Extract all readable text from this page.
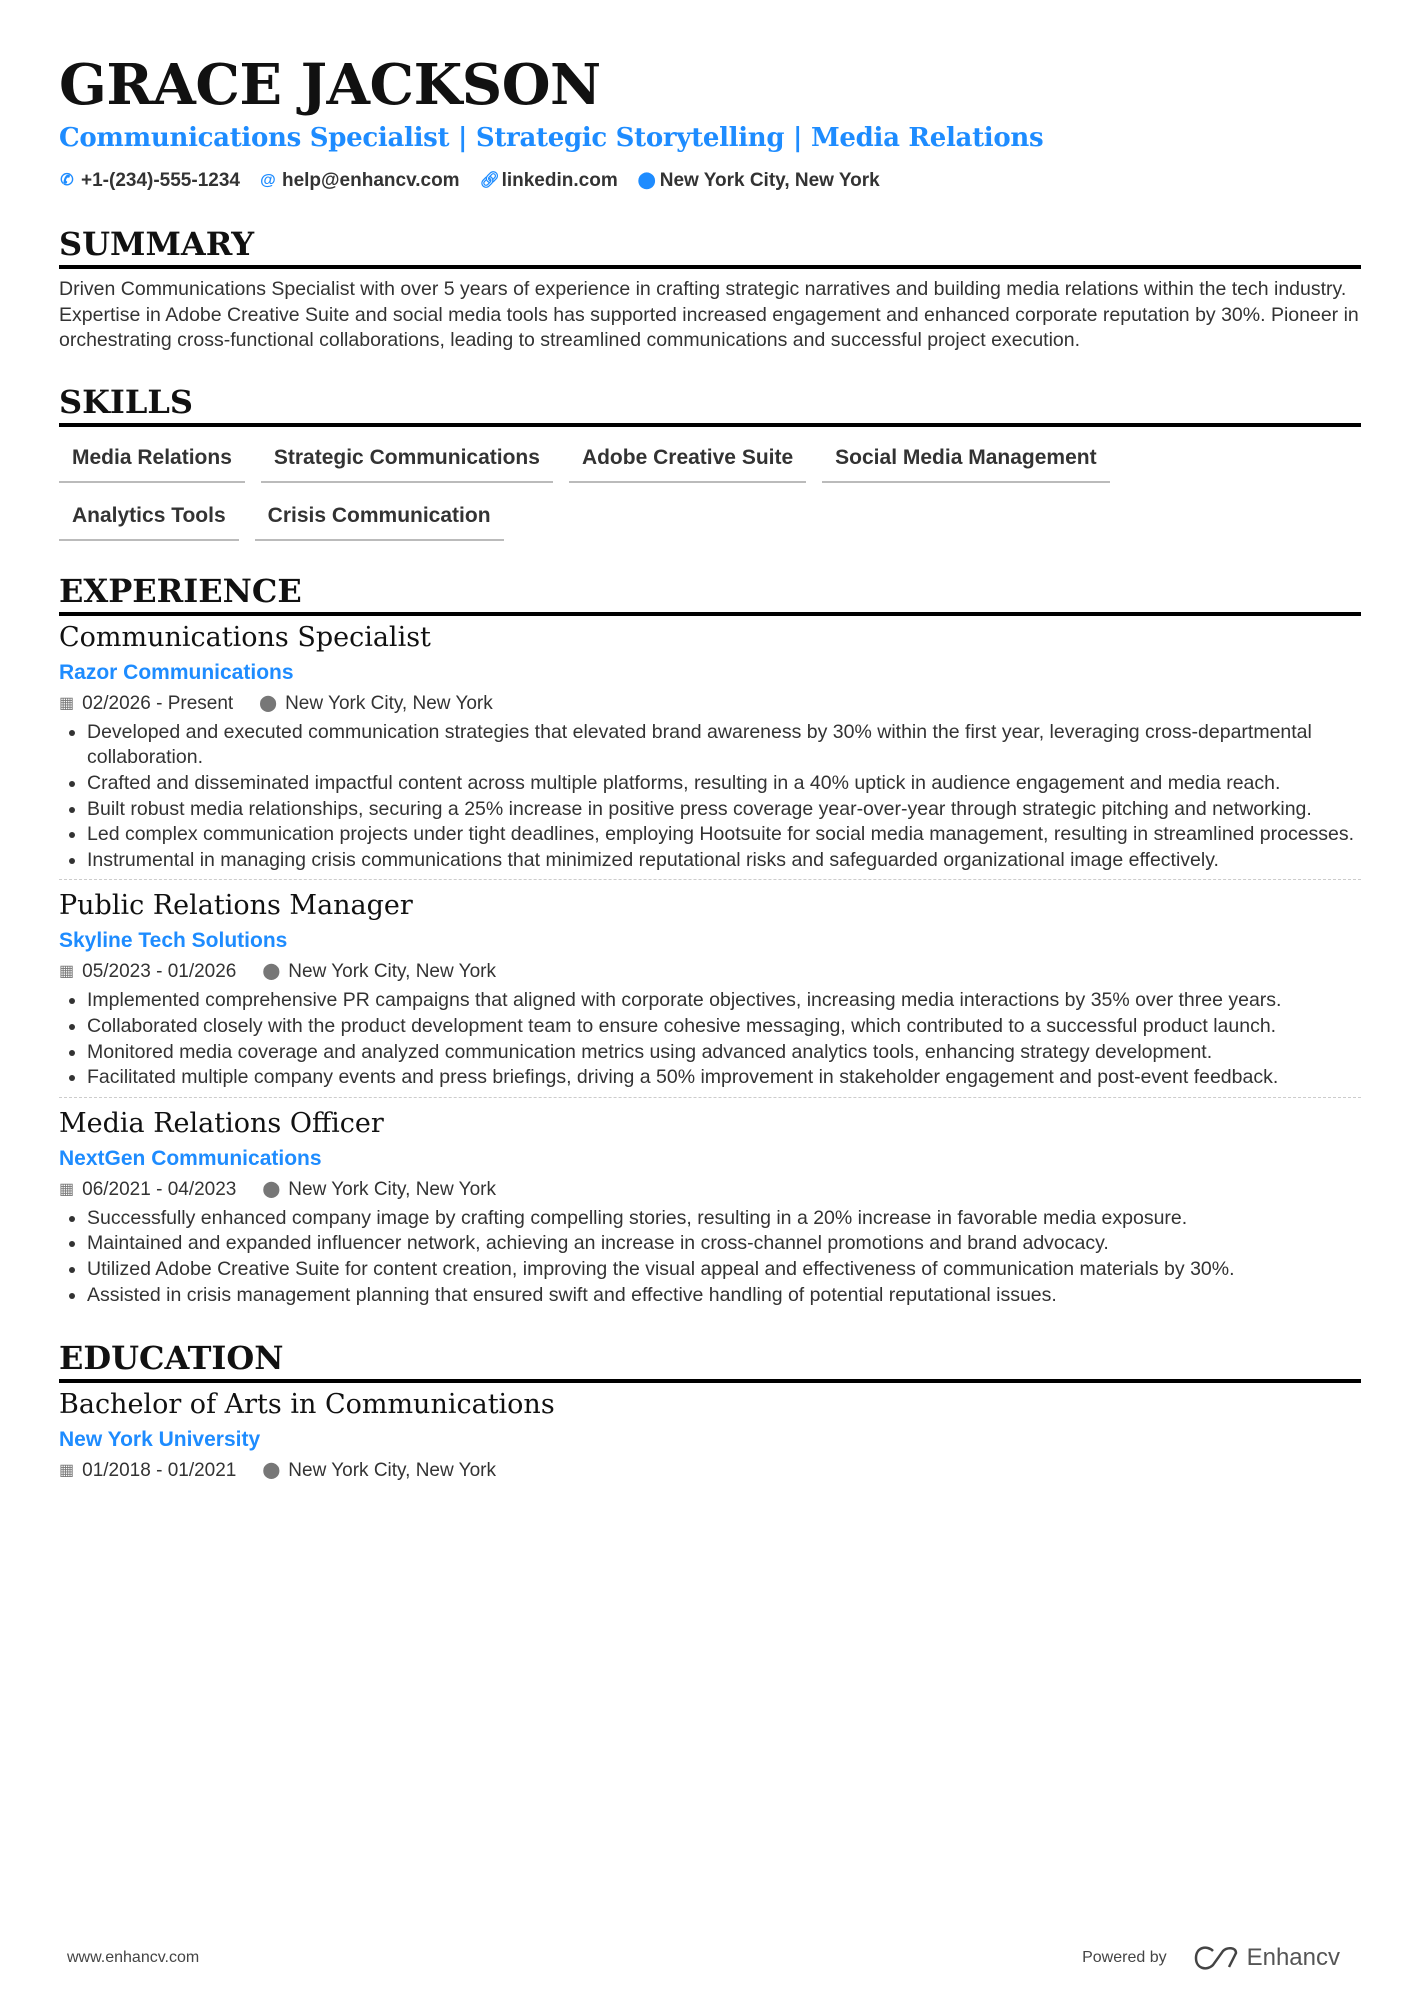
GRACE JACKSON
Communications Specialist | Strategic Storytelling | Media Relations
✆ +1-(234)-555-1234 @ help@enhancv.com 🔗︎ linkedin.com ⬤ New York City, New York
SUMMARY
Driven Communications Specialist with over 5 years of experience in crafting strategic narratives and building media relations within the tech industry. Expertise in Adobe Creative Suite and social media tools has supported increased engagement and enhanced corporate reputation by 30%. Pioneer in orchestrating cross-functional collaborations, leading to streamlined communications and successful project execution.
SKILLS
Media Relations	Strategic Communications	Adobe Creative Suite	Social Media Management
Analytics Tools	Crisis Communication
EXPERIENCE
Communications Specialist
Razor Communications
▦ 02/2026 - Present ⬤ New York City, New York
• Developed and executed communication strategies that elevated brand awareness by 30% within the first year, leveraging cross-departmental collaboration.
• Crafted and disseminated impactful content across multiple platforms, resulting in a 40% uptick in audience engagement and media reach.
• Built robust media relationships, securing a 25% increase in positive press coverage year-over-year through strategic pitching and networking.
• Led complex communication projects under tight deadlines, employing Hootsuite for social media management, resulting in streamlined processes.
• Instrumental in managing crisis communications that minimized reputational risks and safeguarded organizational image effectively.
Public Relations Manager
Skyline Tech Solutions
▦ 05/2023 - 01/2026 ⬤ New York City, New York
• Implemented comprehensive PR campaigns that aligned with corporate objectives, increasing media interactions by 35% over three years.
• Collaborated closely with the product development team to ensure cohesive messaging, which contributed to a successful product launch.
• Monitored media coverage and analyzed communication metrics using advanced analytics tools, enhancing strategy development.
• Facilitated multiple company events and press briefings, driving a 50% improvement in stakeholder engagement and post-event feedback.
Media Relations Officer
NextGen Communications
▦ 06/2021 - 04/2023 ⬤ New York City, New York
• Successfully enhanced company image by crafting compelling stories, resulting in a 20% increase in favorable media exposure.
• Maintained and expanded influencer network, achieving an increase in cross-channel promotions and brand advocacy.
• Utilized Adobe Creative Suite for content creation, improving the visual appeal and effectiveness of communication materials by 30%.
• Assisted in crisis management planning that ensured swift and effective handling of potential reputational issues.
EDUCATION
Bachelor of Arts in Communications
New York University
▦ 01/2018 - 01/2021 ⬤ New York City, New York
www.enhancv.com	Powered by	Enhancv
